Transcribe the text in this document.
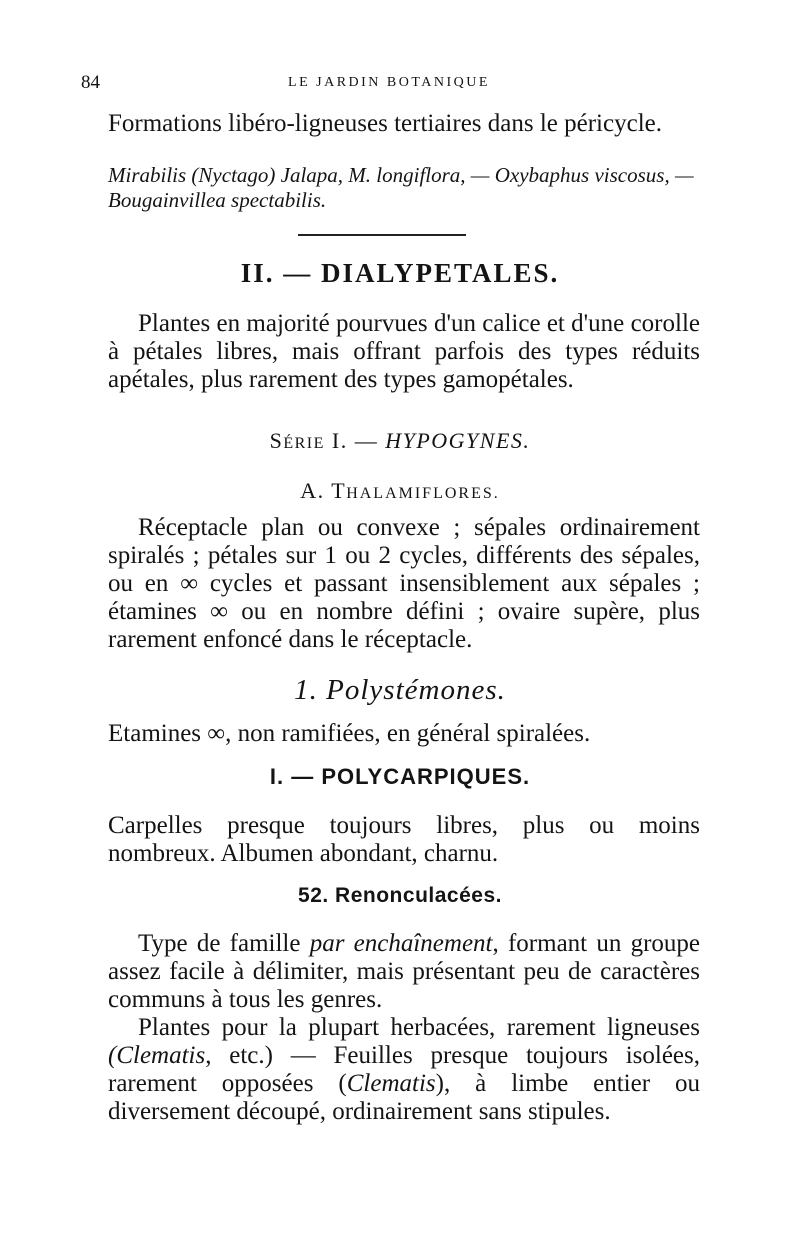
84	LE JARDIN BOTANIQUE

Formations libéro-ligneuses tertiaires dans le péricycle.

Mirabilis (Nyctago) Jalapa, M. longiflora, — Oxybaphus viscosus, — Bougainvillea spectabilis.

II. — DIALYPETALES.

Plantes en majorité pourvues d'un calice et d'une corolle à pétales libres, mais offrant parfois des types réduits apétales, plus rarement des types gamopétales.

SÉRIE I. — HYPOGYNES.
A. THALAMIFLORES.

Réceptacle plan ou convexe ; sépales ordinairement spiralés ; pétales sur 1 ou 2 cycles, différents des sépales, ou en ∞ cycles et passant insensiblement aux sépales ; étamines ∞ ou en nombre défini ; ovaire supère, plus rarement enfoncé dans le réceptacle.

1. Polystémones.

Etamines ∞, non ramifiées, en général spiralées.

I. — POLYCARPIQUES.

Carpelles presque toujours libres, plus ou moins nombreux. Albumen abondant, charnu.

52. Renonculacées.

Type de famille par enchaînement, formant un groupe assez facile à délimiter, mais présentant peu de caractères communs à tous les genres.

Plantes pour la plupart herbacées, rarement ligneuses (Clematis, etc.) — Feuilles presque toujours isolées, rarement opposées (Clematis), à limbe entier ou diversement découpé, ordinairement sans stipules.
